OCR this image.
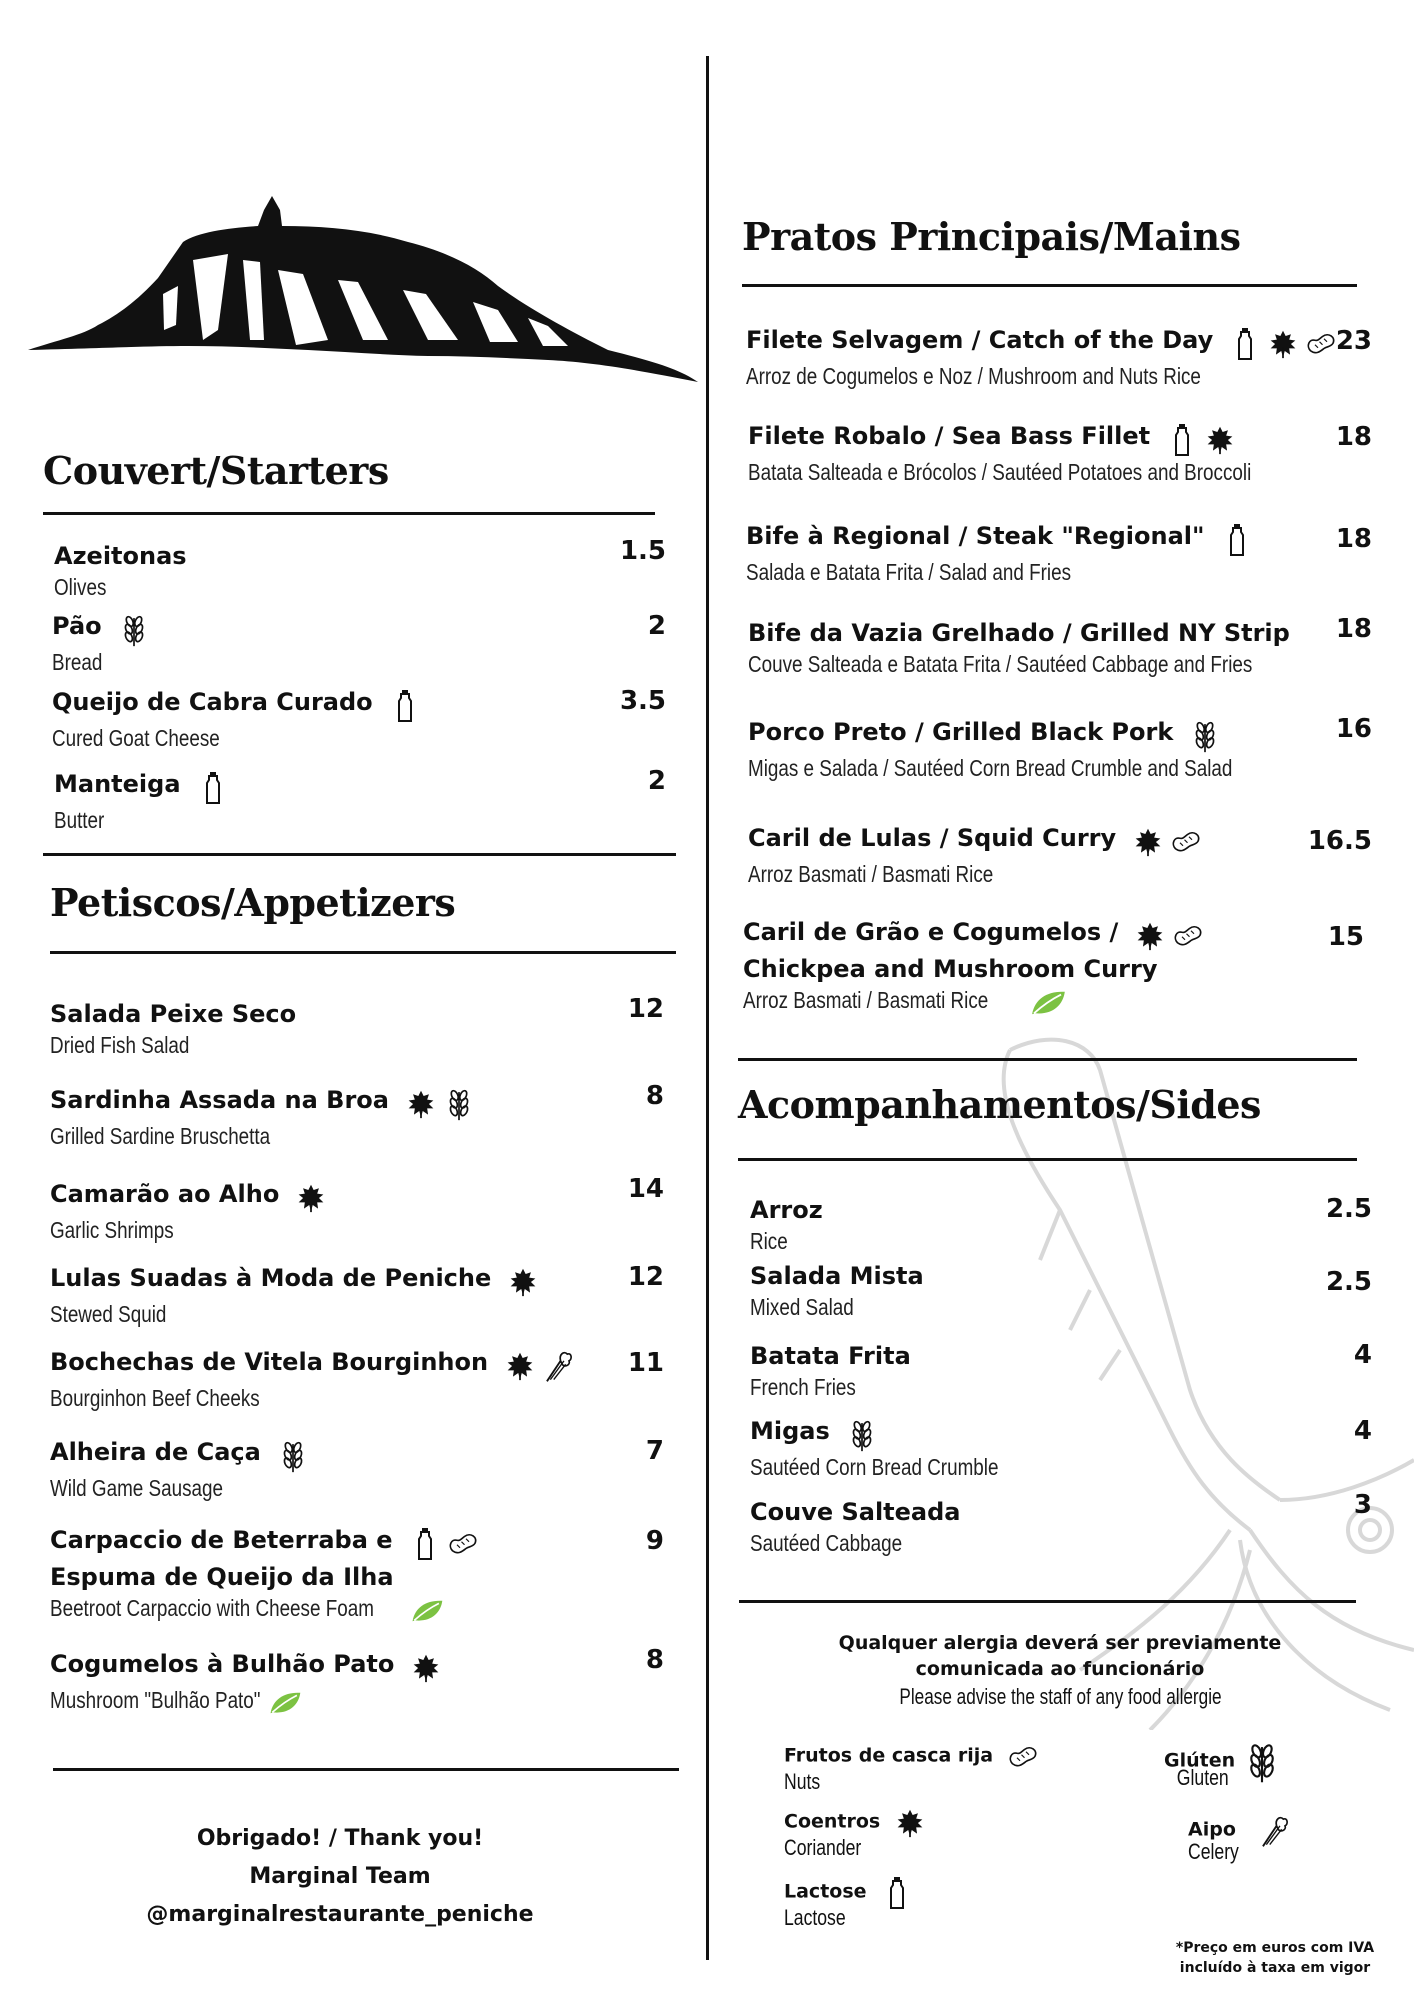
Couvert/Starters
Azeitonas
Olives
1.5
Pão
Bread
2
Queijo de Cabra Curado
Cured Goat Cheese
3.5
Manteiga
Butter
2
Petiscos/Appetizers
Salada Peixe Seco
Dried Fish Salad
12
Sardinha Assada na Broa
Grilled Sardine Bruschetta
8
Camarão ao Alho
Garlic Shrimps
14
Lulas Suadas à Moda de Peniche
Stewed Squid
12
Bochechas de Vitela Bourginhon
Bourginhon Beef Cheeks
11
Alheira de Caça
Wild Game Sausage
7
Carpaccio de Beterraba e
Espuma de Queijo da Ilha
Beetroot Carpaccio with Cheese Foam
9
Cogumelos à Bulhão Pato
Mushroom "Bulhão Pato"
8
Obrigado! / Thank you!
Marginal Team
@marginalrestaurante_peniche
Pratos Principais/Mains
Filete Selvagem / Catch of the Day
Arroz de Cogumelos e Noz / Mushroom and Nuts Rice
23
Filete Robalo / Sea Bass Fillet
Batata Salteada e Brócolos / Sautéed Potatoes and Broccoli
18
Bife à Regional / Steak "Regional"
Salada e Batata Frita / Salad and Fries
18
Bife da Vazia Grelhado / Grilled NY Strip
Couve Salteada e Batata Frita / Sautéed Cabbage and Fries
18
Porco Preto / Grilled Black Pork
Migas e Salada / Sautéed Corn Bread Crumble and Salad
16
Caril de Lulas / Squid Curry
Arroz Basmati / Basmati Rice
16.5
Caril de Grão e Cogumelos /
Chickpea and Mushroom Curry
Arroz Basmati / Basmati Rice
15
Acompanhamentos/Sides
Arroz
Rice
2.5
Salada Mista
Mixed Salad
2.5
Batata Frita
French Fries
4
Migas
Sautéed Corn Bread Crumble
4
Couve Salteada
Sautéed Cabbage
3
Qualquer alergia deverá ser previamente
comunicada ao funcionário
Please advise the staff of any food allergie
Frutos de casca rija
Nuts
Coentros
Coriander
Lactose
Lactose
Glúten
Gluten
Aipo
Celery
*Preço em euros com IVA
incluído à taxa em vigor
